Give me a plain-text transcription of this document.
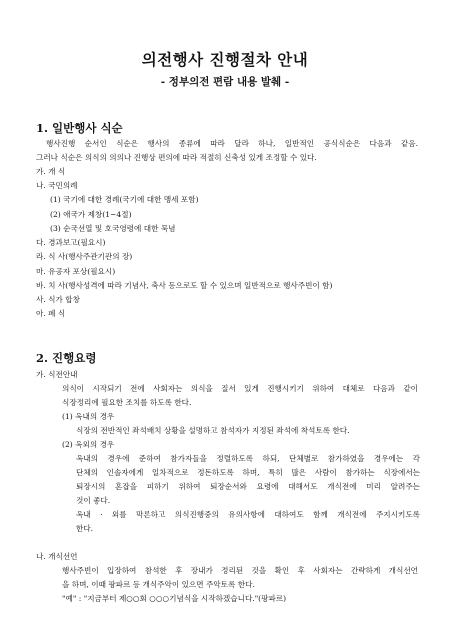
의전행사 진행절차 안내
- 정부의전 편람 내용 발췌 -
1. 일반행사 식순
행사진행 순서인 식순은 행사의 종류에 따라 달라 하나, 일반적인 공식식순은 다음과 같음.
그러나 식순은 의식의 의의나 진행상 편의에 따라 적절히 신축성 있게 조정할 수 있다.
가. 개 식
나. 국민의례
(1) 국기에 대한 경례(국기에 대한 맹세 포함)
(2) 애국가 제창(1~4절)
(3) 순국선열 및 호국영령에 대한 묵념
다. 경과보고(필요시)
라. 식 사(행사주관기관의 장)
마. 유공자 포상(필요시)
바. 치 사(행사성격에 따라 기념사, 축사 등으로도 할 수 있으며 일반적으로 행사주빈이 함)
사. 식가 합창
아. 폐 식
2. 진행요령
가. 식전안내
의식이 시작되기 전에 사회자는 의식을 질서 있게 진행시키기 위하여 대체로 다음과 같이
식장정리에 필요한 조치를 하도록 한다.
(1) 옥내의 경우
식장의 전반적인 좌석배치 상황을 설명하고 참석자가 지정된 좌석에 착석토록 한다.
(2) 옥외의 경우
옥내의 경우에 준하여 참가자들을 정렬하도록 하되, 단체별로 참가하였을 경우에는 각
단체의 인솔자에게 일차적으로 정돈하도록 하며, 특히 많은 사람이 참가하는 식장에서는
퇴장시의 혼잡을 피하기 위하여 퇴장순서와 요령에 대해서도 개식전에 미리 알려주는
것이 좋다.
옥내 · 외를 막론하고 의식진행중의 유의사항에 대하여도 함께 개식전에 주지시키도록
한다.
나. 개식선언
행사주빈이 입장하여 참석한 후 장내가 정리된 것을 확인 후 사회자는 간략하게 개식선언
을 하며, 이때 팡파르 등 개식주악이 있으면 주악토록 한다.
"예" : "지금부터 제○○회 ○○○기념식을 시작하겠습니다."(팡파르)
